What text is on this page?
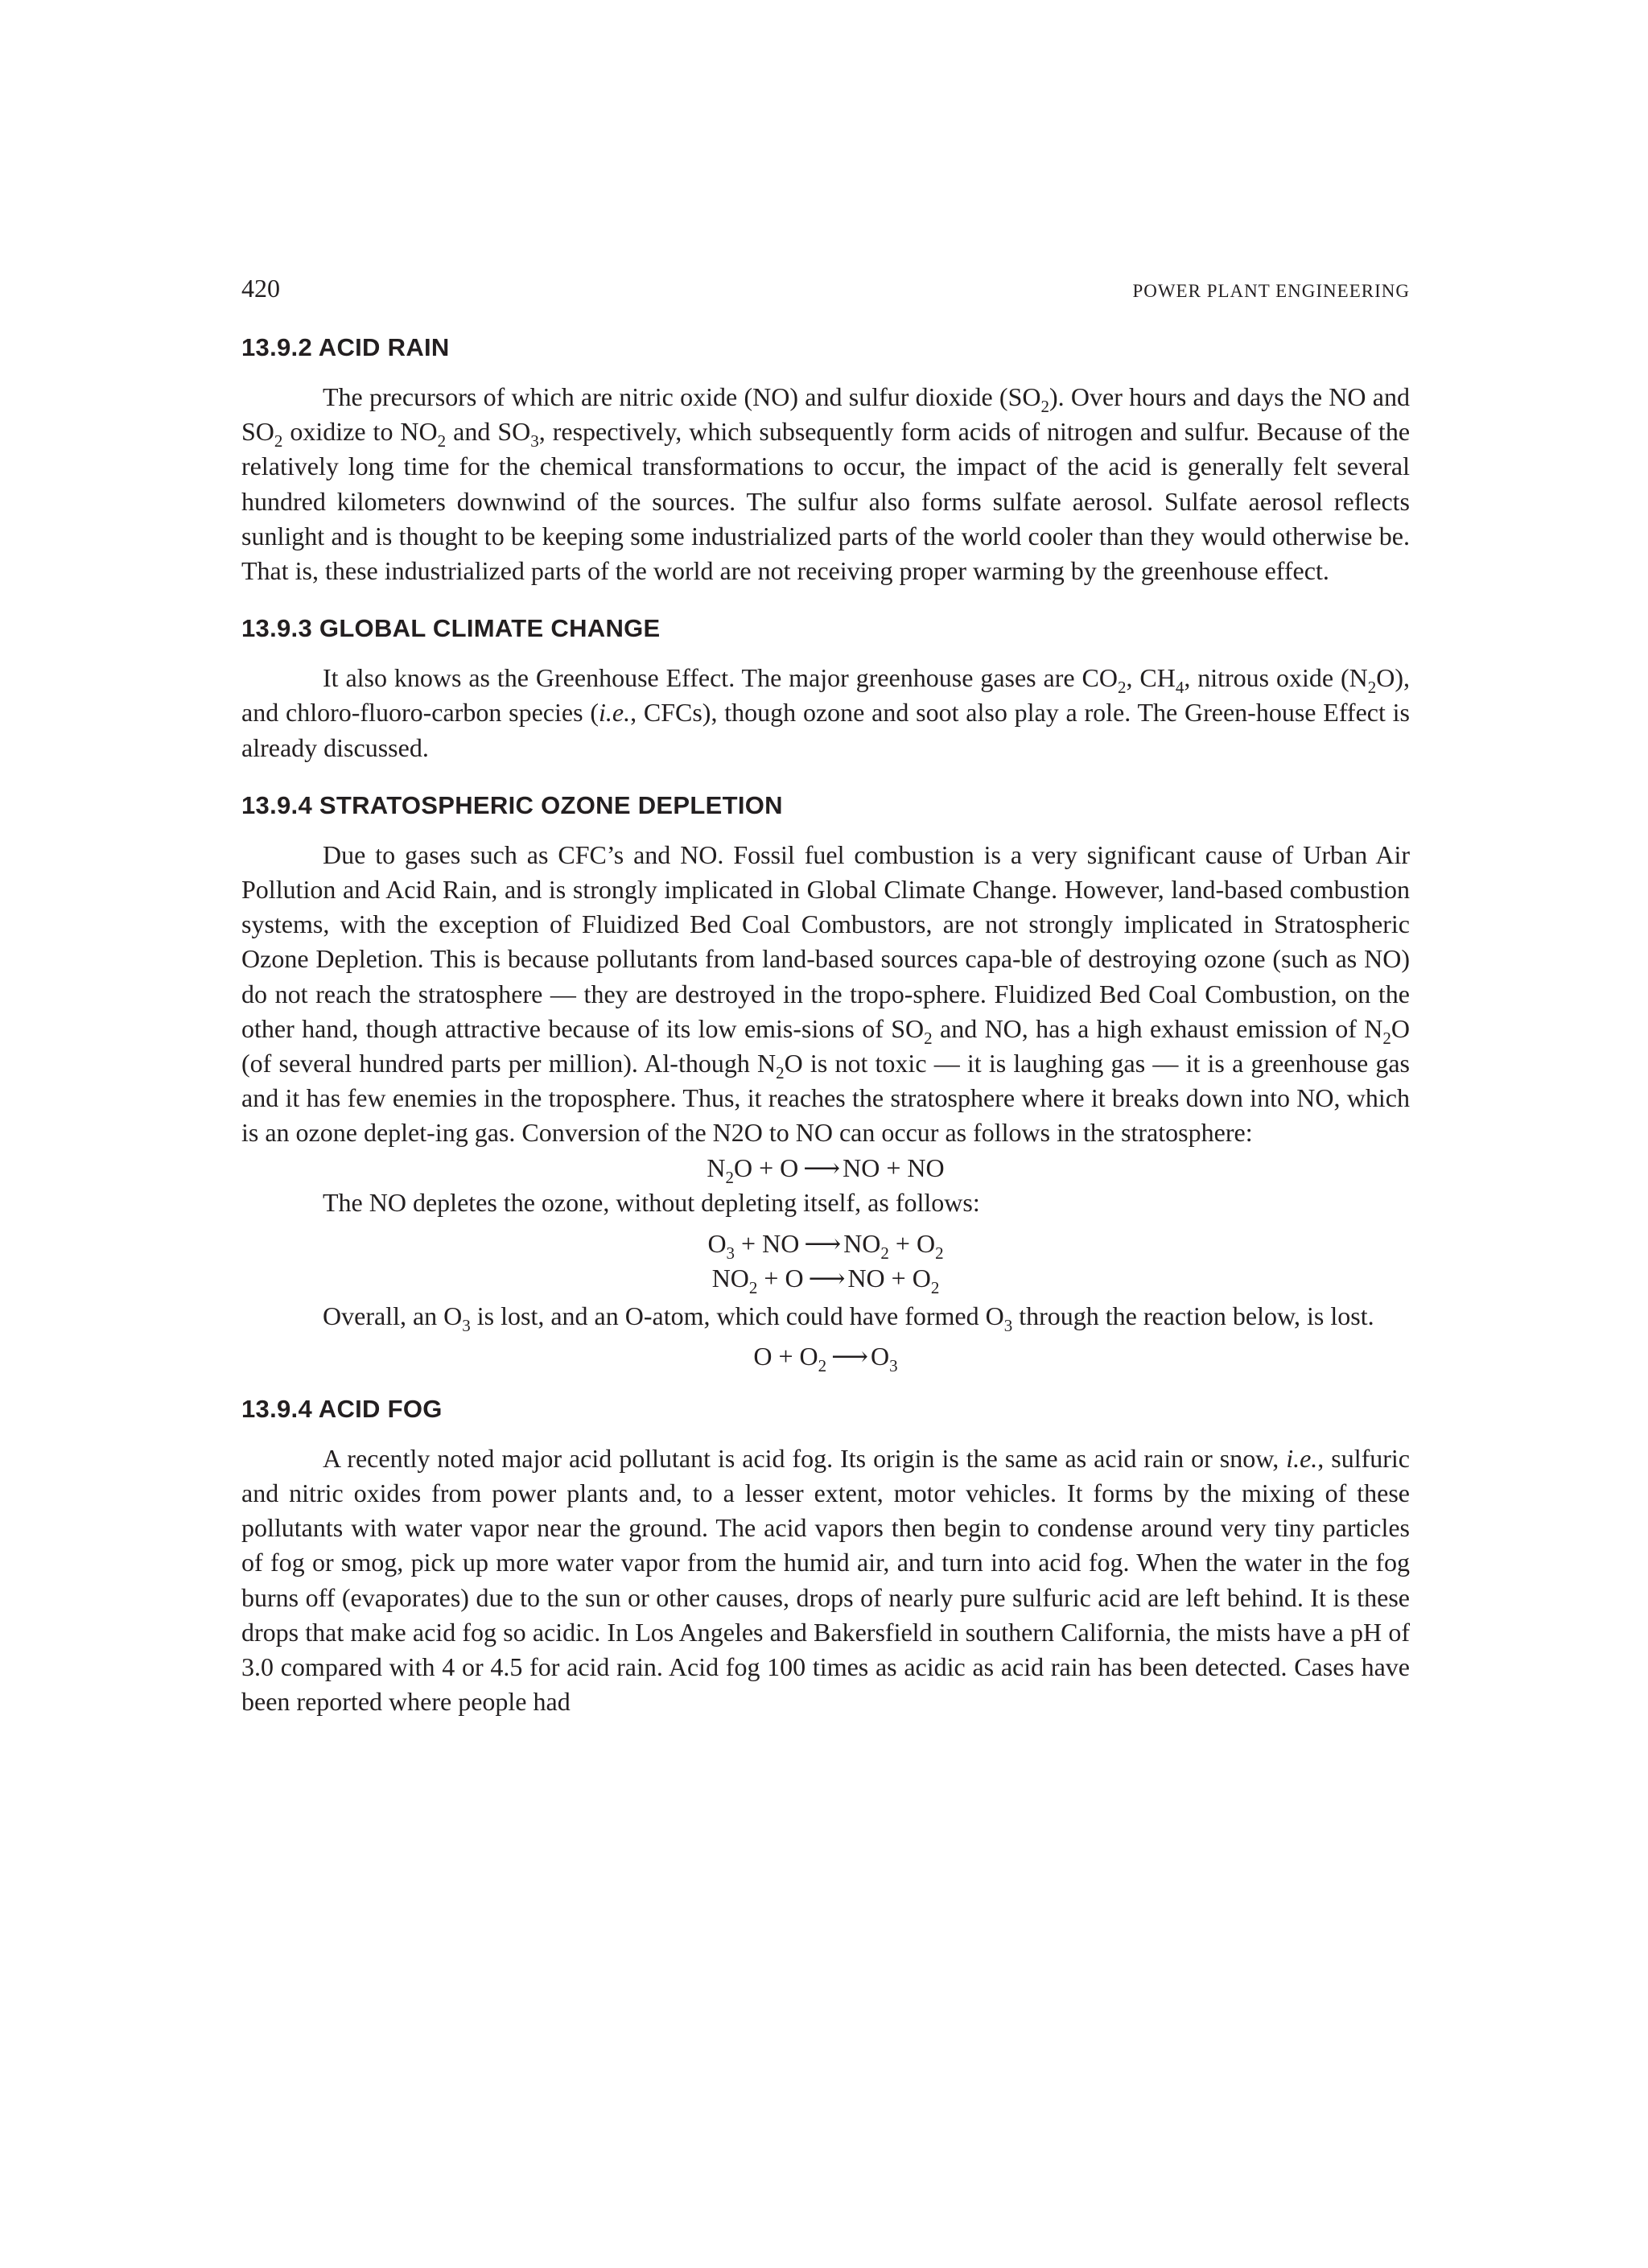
420	POWER PLANT ENGINEERING
13.9.2 ACID RAIN

The precursors of which are nitric oxide (NO) and sulfur dioxide $(SO_2)$. Over hours and days the NO and $SO_2$ oxidize to $NO_2$ and $SO_3$, respectively, which subsequently form acids of nitrogen and sulfur. Because of the relatively long time for the chemical transformations to occur, the impact of the acid is generally felt several hundred kilometers downwind of the sources. The sulfur also forms sulfate aerosol. Sulfate aerosol reflects sunlight and is thought to be keeping some industrialized parts of the world cooler than they would otherwise be. That is, these industrialized parts of the world are not receiving proper warming by the greenhouse effect.

13.9.3 GLOBAL CLIMATE CHANGE

It also knows as the Greenhouse Effect. The major greenhouse gases are $CO_2$, $CH_4$, nitrous oxide $(N_2O)$, and chloro-fluoro-carbon species (i.e., CFCs), though ozone and soot also play a role. The Green-house Effect is already discussed.

13.9.4 STRATOSPHERIC OZONE DEPLETION

Due to gases such as CFC’s and NO. Fossil fuel combustion is a very significant cause of Urban Air Pollution and Acid Rain, and is strongly implicated in Global Climate Change. However, land-based combustion systems, with the exception of Fluidized Bed Coal Combustors, are not strongly implicated in Stratospheric Ozone Depletion. This is because pollutants from land-based sources capa-ble of destroying ozone (such as NO) do not reach the stratosphere — they are destroyed in the tropo-sphere. Fluidized Bed Coal Combustion, on the other hand, though attractive because of its low emis-sions of $SO_2$ and NO, has a high exhaust emission of $N_2O$ (of several hundred parts per million). Al-though $N_2O$ is not toxic — it is laughing gas — it is a greenhouse gas and it has few enemies in the troposphere. Thus, it reaches the stratosphere where it breaks down into NO, which is an ozone deplet-ing gas. Conversion of the N2O to NO can occur as follows in the stratosphere:

$N_2O + O$ ⟶ NO + NO

The NO depletes the ozone, without depleting itself, as follows:

$O_3$ + NO ⟶ $NO_2 + O_2$
$NO_2 + O$ ⟶ NO + $O_2$

Overall, an $O_3$ is lost, and an O-atom, which could have formed $O_3$ through the reaction below, is lost.

$O + O_2$ ⟶ $O_3$
13.9.4 ACID FOG

A recently noted major acid pollutant is acid fog. Its origin is the same as acid rain or snow, i.e., sulfuric and nitric oxides from power plants and, to a lesser extent, motor vehicles. It forms by the mixing of these pollutants with water vapor near the ground. The acid vapors then begin to condense around very tiny particles of fog or smog, pick up more water vapor from the humid air, and turn into acid fog. When the water in the fog burns off (evaporates) due to the sun or other causes, drops of nearly pure sulfuric acid are left behind. It is these drops that make acid fog so acidic. In Los Angeles and Bakersfield in southern California, the mists have a pH of 3.0 compared with 4 or 4.5 for acid rain. Acid fog 100 times as acidic as acid rain has been detected. Cases have been reported where people had
